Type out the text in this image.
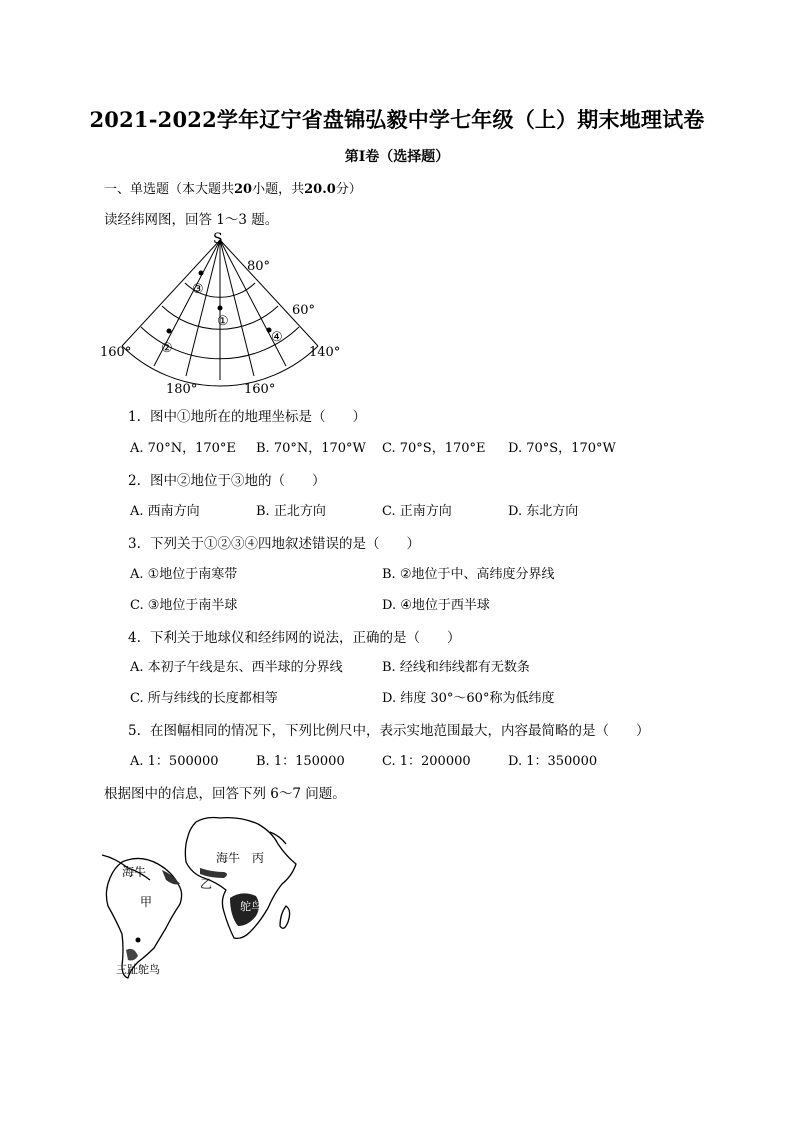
2021-2022学年辽宁省盘锦弘毅中学七年级（上）期末地理试卷
第Ⅰ卷（选择题）
一、单选题（本大题共20小题，共20.0分）
读经纬网图，回答 1～3 题。
S
80°
60°
160°	140°
180°	160°
③
①
②
④
1. 图中①地所在的地理坐标是（　　）
A. 70°N，170°E B. 70°N，170°W C. 70°S，170°E D. 70°S，170°W
2. 图中②地位于③地的（　　）
A. 西南方向	B. 正北方向	C. 正南方向	D. 东北方向
3. 下列关于①②③④四地叙述错误的是（　　）
A. ①地位于南寒带	B. ②地位于中、高纬度分界线
C. ③地位于南半球	D. ④地位于西半球
4. 下利关于地球仪和经纬网的说法，正确的是（　　）
A. 本初子午线是东、西半球的分界线	B. 经线和纬线都有无数条
C. 所与纬线的长度都相等	D. 纬度 30°～60°称为低纬度
5. 在图幅相同的情况下，下列比例尺中，表示实地范围最大，内容最简略的是（　　）
A. 1：500000	B. 1：150000	C. 1：200000	D. 1：350000
根据图中的信息，回答下列 6～7 问题。
海牛
甲
海牛 丙
乙
鸵鸟
三趾鸵鸟
